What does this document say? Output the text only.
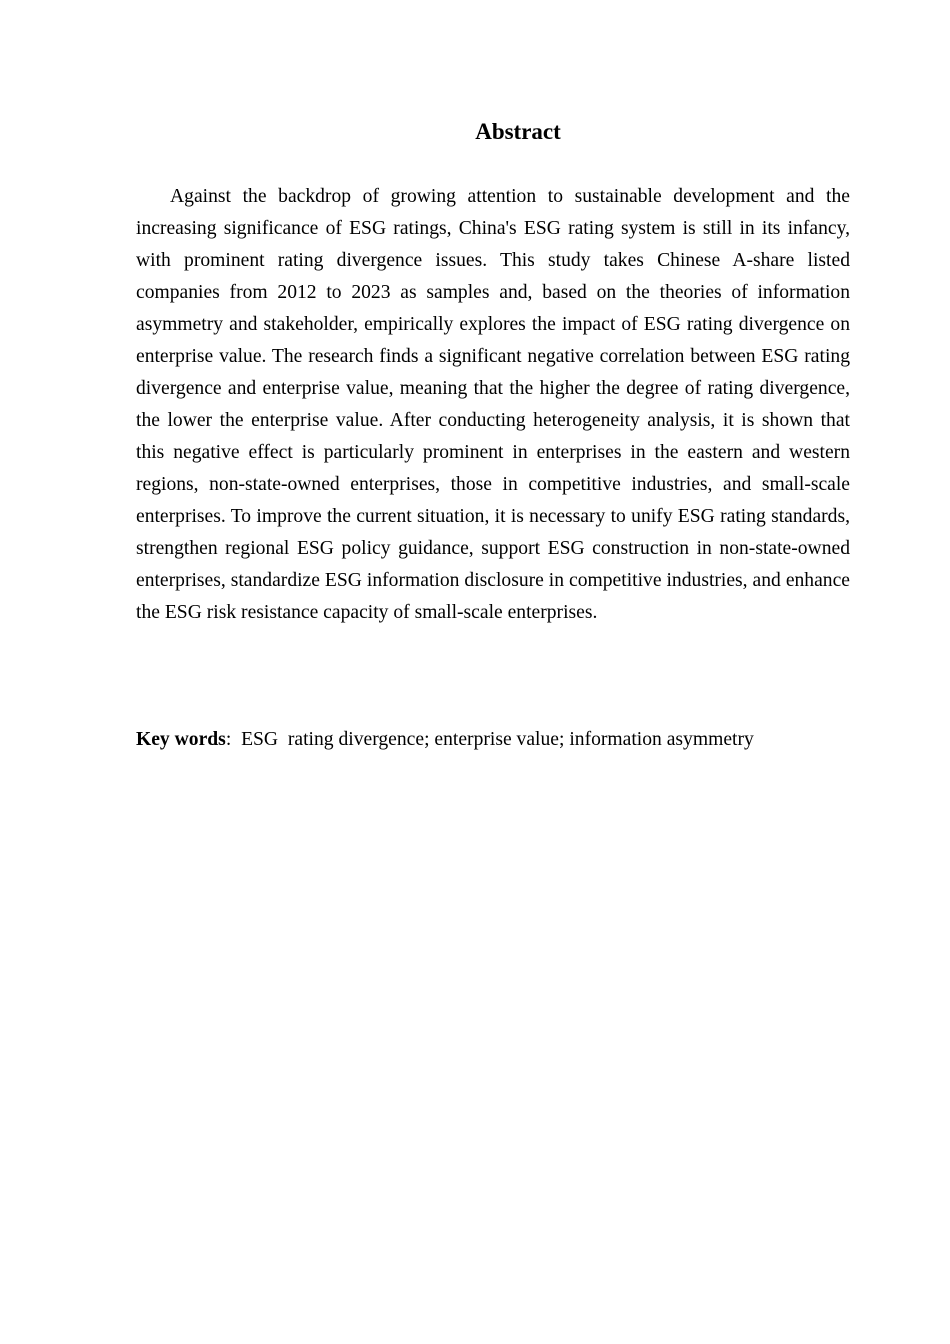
Abstract

Against the backdrop of growing attention to sustainable development and the increasing significance of ESG ratings, China's ESG rating system is still in its infancy, with prominent rating divergence issues. This study takes Chinese A-share listed companies from 2012 to 2023 as samples and, based on the theories of information asymmetry and stakeholder, empirically explores the impact of ESG rating divergence on enterprise value. The research finds a significant negative correlation between ESG rating divergence and enterprise value, meaning that the higher the degree of rating divergence, the lower the enterprise value. After conducting heterogeneity analysis, it is shown that this negative effect is particularly prominent in enterprises in the eastern and western regions, non-state-owned enterprises, those in competitive industries, and small-scale enterprises. To improve the current situation, it is necessary to unify ESG rating standards, strengthen regional ESG policy guidance, support ESG construction in non-state-owned enterprises, standardize ESG information disclosure in competitive industries, and enhance the ESG risk resistance capacity of small-scale enterprises.

Key words: ESG  rating divergence; enterprise value; information asymmetry
